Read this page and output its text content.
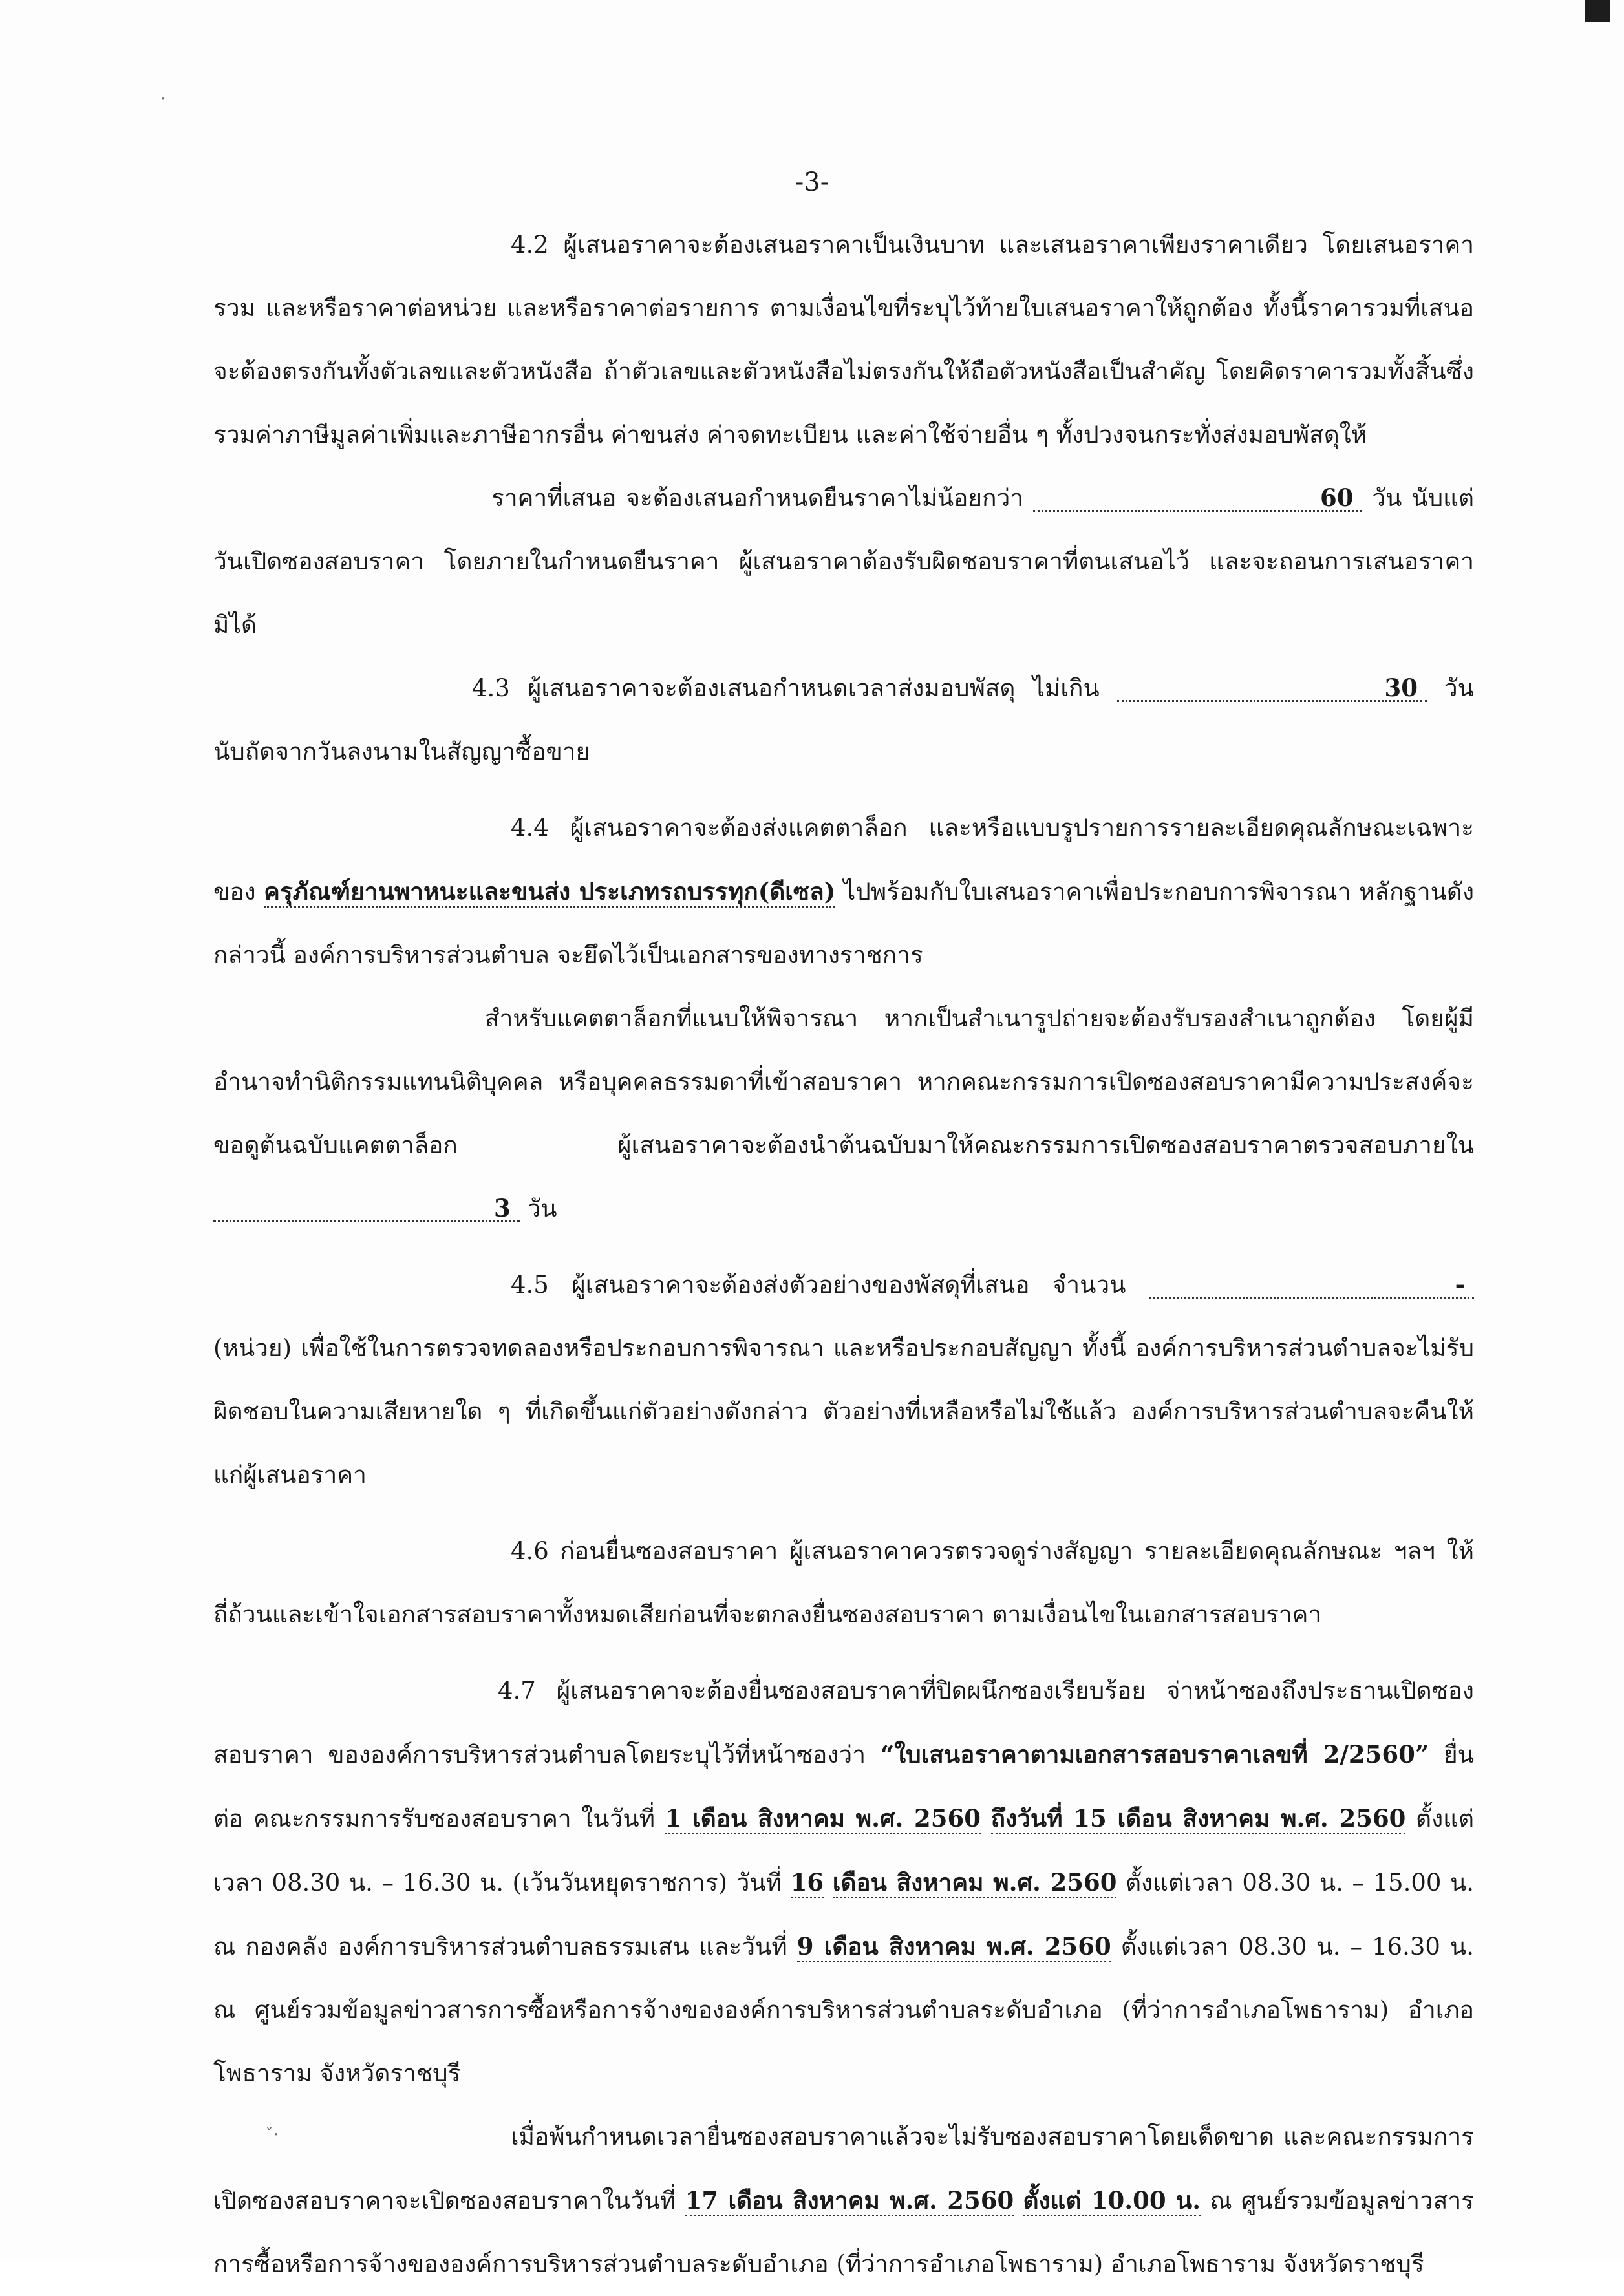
·
ˇ·
-3-

4.2 ผู้เสนอราคาจะต้องเสนอราคาเป็นเงินบาท และเสนอราคาเพียงราคาเดียว โดยเสนอราคารวม และหรือราคาต่อหน่วย และหรือราคาต่อรายการ ตามเงื่อนไขที่ระบุไว้ท้ายใบเสนอราคาให้ถูกต้อง ทั้งนี้ราคารวมที่เสนอจะต้องตรงกันทั้งตัวเลขและตัวหนังสือ ถ้าตัวเลขและตัวหนังสือไม่ตรงกันให้ถือตัวหนังสือเป็นสำคัญ โดยคิดราคารวมทั้งสิ้นซึ่งรวมค่าภาษีมูลค่าเพิ่มและภาษีอากรอื่น ค่าขนส่ง ค่าจดทะเบียน และค่าใช้จ่ายอื่น ๆ ทั้งปวงจนกระทั่งส่งมอบพัสดุให้

ราคาที่เสนอ จะต้องเสนอกำหนดยืนราคาไม่น้อยกว่า	60 วัน นับแต่วันเปิดซองสอบราคา โดยภายในกำหนดยืนราคา ผู้เสนอราคาต้องรับผิดชอบราคาที่ตนเสนอไว้ และจะถอนการเสนอราคามิได้

4.3 ผู้เสนอราคาจะต้องเสนอกำหนดเวลาส่งมอบพัสดุ ไม่เกิน	30 วัน นับถัดจากวันลงนามในสัญญาซื้อขาย

4.4 ผู้เสนอราคาจะต้องส่งแคตตาล็อก และหรือแบบรูปรายการรายละเอียดคุณลักษณะเฉพาะของ ครุภัณฑ์ยานพาหนะและขนส่ง ประเภทรถบรรทุก(ดีเซล) ไปพร้อมกับใบเสนอราคาเพื่อประกอบการพิจารณา หลักฐานดังกล่าวนี้ องค์การบริหารส่วนตำบล จะยึดไว้เป็นเอกสารของทางราชการ

สำหรับแคตตาล็อกที่แนบให้พิจารณา หากเป็นสำเนารูปถ่ายจะต้องรับรองสำเนาถูกต้อง โดยผู้มีอำนาจทำนิติกรรมแทนนิติบุคคล หรือบุคคลธรรมดาที่เข้าสอบราคา หากคณะกรรมการเปิดซองสอบราคามีความประสงค์จะขอดูต้นฉบับแคตตาล็อก ผู้เสนอราคาจะต้องนำต้นฉบับมาให้คณะกรรมการเปิดซองสอบราคาตรวจสอบภายใน 3 วัน

4.5 ผู้เสนอราคาจะต้องส่งตัวอย่างของพัสดุที่เสนอ จำนวน	- (หน่วย) เพื่อใช้ในการตรวจทดลองหรือประกอบการพิจารณา และหรือประกอบสัญญา ทั้งนี้ องค์การบริหารส่วนตำบลจะไม่รับผิดชอบในความเสียหายใด ๆ ที่เกิดขึ้นแก่ตัวอย่างดังกล่าว ตัวอย่างที่เหลือหรือไม่ใช้แล้ว องค์การบริหารส่วนตำบลจะคืนให้แก่ผู้เสนอราคา

4.6 ก่อนยื่นซองสอบราคา ผู้เสนอราคาควรตรวจดูร่างสัญญา รายละเอียดคุณลักษณะ ฯลฯ ให้ถี่ถ้วนและเข้าใจเอกสารสอบราคาทั้งหมดเสียก่อนที่จะตกลงยื่นซองสอบราคา ตามเงื่อนไขในเอกสารสอบราคา

4.7 ผู้เสนอราคาจะต้องยื่นซองสอบราคาที่ปิดผนึกซองเรียบร้อย จ่าหน้าซองถึงประธานเปิดซองสอบราคา ขององค์การบริหารส่วนตำบลโดยระบุไว้ที่หน้าซองว่า “ใบเสนอราคาตามเอกสารสอบราคาเลขที่ 2/2560” ยื่นต่อ คณะกรรมการรับซองสอบราคา ในวันที่ 1 เดือน สิงหาคม พ.ศ. 2560 ถึงวันที่ 15 เดือน สิงหาคม พ.ศ. 2560 ตั้งแต่เวลา 08.30 น. – 16.30 น. (เว้นวันหยุดราชการ) วันที่ 16 เดือน สิงหาคม พ.ศ. 2560 ตั้งแต่เวลา 08.30 น. – 15.00 น. ณ กองคลัง องค์การบริหารส่วนตำบลธรรมเสน และวันที่ 9 เดือน สิงหาคม พ.ศ. 2560 ตั้งแต่เวลา 08.30 น. – 16.30 น. ณ ศูนย์รวมข้อมูลข่าวสารการซื้อหรือการจ้างขององค์การบริหารส่วนตำบลระดับอำเภอ (ที่ว่าการอำเภอโพธาราม) อำเภอ โพธาราม จังหวัดราชบุรี

เมื่อพ้นกำหนดเวลายื่นซองสอบราคาแล้วจะไม่รับซองสอบราคาโดยเด็ดขาด และคณะกรรมการเปิดซองสอบราคาจะเปิดซองสอบราคาในวันที่ 17 เดือน สิงหาคม พ.ศ. 2560 ตั้งแต่ 10.00 น. ณ ศูนย์รวมข้อมูลข่าวสารการซื้อหรือการจ้างขององค์การบริหารส่วนตำบลระดับอำเภอ (ที่ว่าการอำเภอโพธาราม) อำเภอโพธาราม จังหวัดราชบุรี
